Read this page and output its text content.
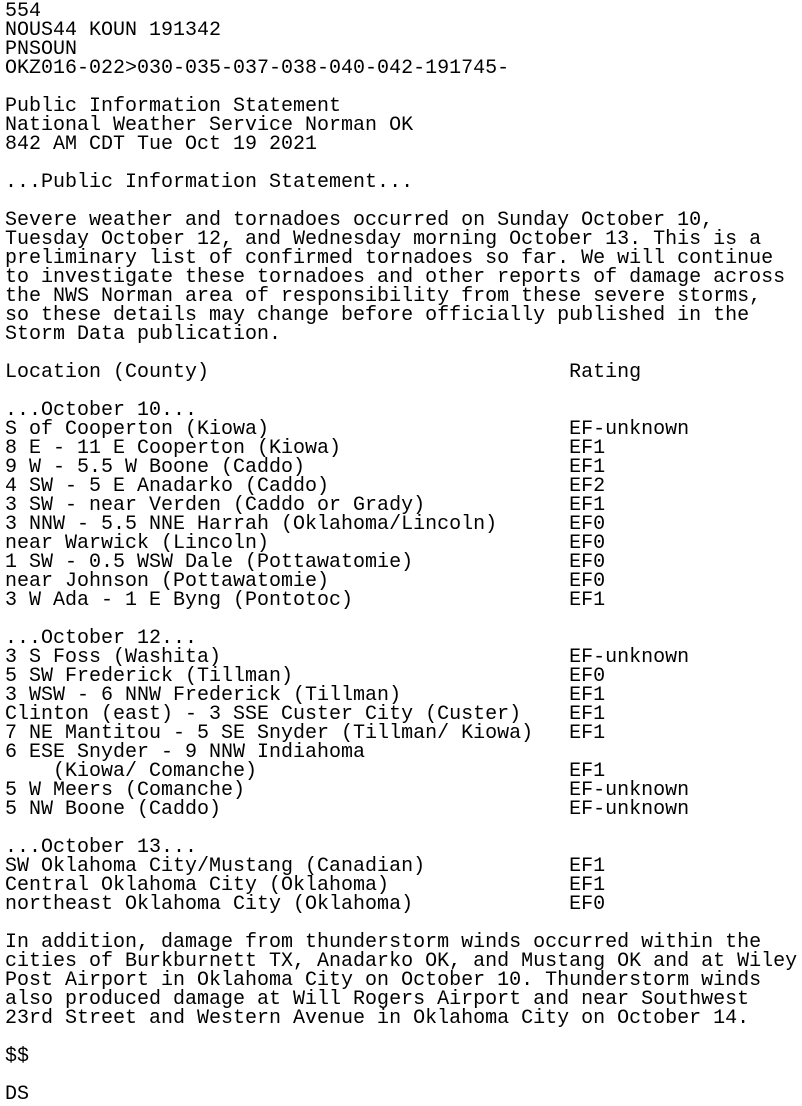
554
NOUS44 KOUN 191342
PNSOUN
OKZ016-022>030-035-037-038-040-042-191745-
Public Information Statement
National Weather Service Norman OK
842 AM CDT Tue Oct 19 2021
...Public Information Statement...
Severe weather and tornadoes occurred on Sunday October 10,
Tuesday October 12, and Wednesday morning October 13. This is a
preliminary list of confirmed tornadoes so far. We will continue
to investigate these tornadoes and other reports of damage across
the NWS Norman area of responsibility from these severe storms,
so these details may change before officially published in the
Storm Data publication.
Location (County)                              Rating
...October 10...
S of Cooperton (Kiowa)                         EF-unknown
8 E - 11 E Cooperton (Kiowa)                   EF1
9 W - 5.5 W Boone (Caddo)                      EF1
4 SW - 5 E Anadarko (Caddo)                    EF2
3 SW - near Verden (Caddo or Grady)            EF1
3 NNW - 5.5 NNE Harrah (Oklahoma/Lincoln)      EF0
near Warwick (Lincoln)                         EF0
1 SW - 0.5 WSW Dale (Pottawatomie)             EF0
near Johnson (Pottawatomie)                    EF0
3 W Ada - 1 E Byng (Pontotoc)                  EF1
...October 12...
3 S Foss (Washita)                             EF-unknown
5 SW Frederick (Tillman)                       EF0
3 WSW - 6 NNW Frederick (Tillman)              EF1
Clinton (east) - 3 SSE Custer City (Custer)    EF1
7 NE Mantitou - 5 SE Snyder (Tillman/ Kiowa)   EF1
6 ESE Snyder - 9 NNW Indiahoma
(Kiowa/ Comanche)                          EF1
5 W Meers (Comanche)                           EF-unknown
5 NW Boone (Caddo)                             EF-unknown
...October 13...
SW Oklahoma City/Mustang (Canadian)            EF1
Central Oklahoma City (Oklahoma)               EF1
northeast Oklahoma City (Oklahoma)             EF0
In addition, damage from thunderstorm winds occurred within the
cities of Burkburnett TX, Anadarko OK, and Mustang OK and at Wiley
Post Airport in Oklahoma City on October 10. Thunderstorm winds
also produced damage at Will Rogers Airport and near Southwest
23rd Street and Western Avenue in Oklahoma City on October 14.
$$
DS
